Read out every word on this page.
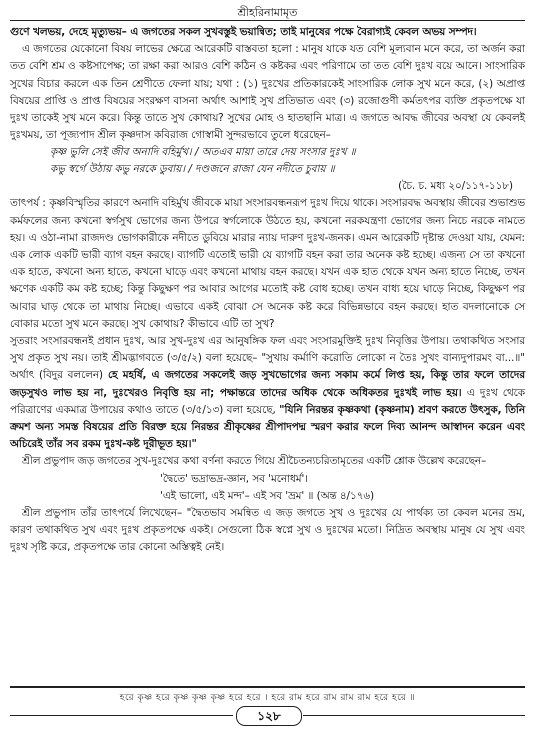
শ্রীহরিনামামৃত

গুণে খলভয়, দেহে মৃত্যুভয়– এ জগতের সকল সুখবস্তুই ভয়ান্বিত; তাই মানুষের পক্ষে বৈরাগ্যই কেবল অভয় সম্পদ।

এ জগতের যেকোনো বিষয় লাভের ক্ষেত্রে আরেকটি বাস্তবতা হলো : মানুষ যাকে যত বেশি মূল্যবান মনে করে, তা অর্জন করা তত বেশি শ্রম ও কষ্টসাপেক্ষ; তা রক্ষা করা আরও বেশি কঠিন ও কষ্টকর এবং পরিণামে তা তত বেশি দুঃখ বয়ে আনে। সাংসারিক সুখের বিচার করলে এক তিন শ্রেণীতে ফেলা যায়; যথা : (১) দুঃখের প্রতিকারকেই সাংসারিক লোক সুখ মনে করে, (২) অপ্রাপ্ত বিষয়ের প্রাপ্তি ও প্রাপ্ত বিষয়ের সংরক্ষণ বাসনা অর্থাৎ আশাই সুখ প্রতিভাত এবং (৩) রজোগুণী কর্মতৎপর ব্যক্তি প্রকৃতপক্ষে যা দুঃখ তাকেই সুখ মনে করে। কিন্তু তাতে সুখ কোথায়? সুখের মোহ ও হাতছানি মাত্র। এ জগতে আবদ্ধ জীবের অবস্থা যে কেবলই দুঃখময়, তা পূজ্যপাদ শ্রীল কৃষ্ণদাস কবিরাজ গোস্বামী সুন্দরভাবে তুলে ধরেছেন–

কৃষ্ণ ভুলি সেই জীব অনাদি বহির্মুখ। / অতএব মায়া তারে দেয় সংসার দুঃখ ॥
কভু স্বর্গে উঠায় কভু নরকে ডুবায়। / দণ্ডজনে রাজা যেন নদীতে চুবায় ॥
(চৈ. চ. মধ্য ২০/১১৭-১১৮)

তাৎপর্য : কৃষ্ণবিস্মৃতির কারণে অনাদি বহির্মুখ জীবকে মায়া সংসারবন্ধনরূপ দুঃখ দিয়ে থাকে। সংসারবদ্ধ অবস্থায় জীবের শুভাশুভ কর্মফলের জন্য কখনো স্বর্গসুখ ভোগের জন্য উপরে স্বর্গলোকে উঠতে হয়, কখনো নরকযন্ত্রণা ভোগের জন্য নিচে নরকে নামতে হয়। এ ওঠা-নামা রাজদণ্ড ভোগকারীকে নদীতে ডুবিয়ে মারার ন্যায় দারুণ দুঃখ-জনক। এমন আরেকটি দৃষ্টান্ত দেওয়া যায়, যেমন: এক লোক একটি ভারী ব্যাগ বহন করছে। ব্যাগটি এতোই ভারী যে ব্যাগটি বহন করা তার অনেক কষ্ট হচ্ছে। এজন্য সে তা কখনো এক হাতে, কখনো অন্য হাতে, কখনো ঘাড়ে এবং কখনো মাথায় বহন করছে। যখন এক হাত থেকে যখন অন্য হাতে নিচ্ছে, তখন ক্ষণেক একটি কম কষ্ট হচ্ছে; কিন্তু কিছুক্ষণ পর আবার আগের মতোই কষ্ট বোধ হচ্ছে। তখন বাধ্য হয়ে ঘাড়ে নিচ্ছে, কিছুক্ষণ পর আবার ঘাড় থেকে তা মাথায় নিচ্ছে। এভাবে একই বোঝা সে অনেক কষ্ট করে বিভিন্নভাবে বহন করছে। হাত বদলানোকে সে বোকার মতো সুখ মনে করছে। সুখ কোথায়? কীভাবে এটি তা সুখ?

সুতরাং সংসারবন্ধনই প্রধান দুঃখ, আর সুখ-দুঃখ এর আনুষঙ্গিক ফল এবং সংসারমুক্তিই দুঃখ নিবৃত্তির উপায়। তথাকথিত সংসার সুখ প্রকৃত সুখ নয়। তাই শ্রীমদ্ভাগবতে (৩/৫/২) বলা হয়েছে– "সুখায় কর্মাণি করোতি লোকো ন তৈঃ সুখং বান্যদুপারমং বা...॥" অর্থাৎ (বিদুর বললেন) হে মহর্ষি, এ জগতের সকলেই জড় সুখভোগের জন্য সকাম কর্মে লিপ্ত হয়, কিন্তু তার ফলে তাদের জড়সুখও লাভ হয় না, দুঃখেরও নিবৃত্তি হয় না; পক্ষান্তরে তাদের অধিক থেকে অধিকতর দুঃখই লাভ হয়। এ দুঃখ থেকে পরিত্রাণের একমাত্র উপায়ের কথাও তাতে (৩/৫/১৩) বলা হয়েছে, "যিনি নিরন্তর কৃষ্ণকথা (কৃষ্ণনাম) শ্রবণ করতে উৎসুক, তিনি ক্রমশ অন্য সমস্ত বিষয়ের প্রতি বিরক্ত হয়ে নিরন্তর শ্রীকৃষ্ণের শ্রীপাদপদ্ম স্মরণ করার ফলে দিব্য আনন্দ আস্বাদন করেন এবং অচিরেই তাঁর সব রকম দুঃখ-কষ্ট দূরীভূত হয়।"

শ্রীল প্রভুপাদ জড় জগতের সুখ-দুঃখের কথা বর্ণনা করতে গিয়ে শ্রীচৈতন্যচরিতামৃতের একটি শ্লোক উল্লেখ করেছেন–

'দ্বৈতে' ভদ্রাভদ্র-জ্ঞান, সব 'মনোধর্ম'।
'এই ভালো, এই মন্দ'– এই সব 'ভ্রম' ॥ (অন্ত ৪/১৭৬)

শ্রীল প্রভুপাদ তাঁর তাৎপর্যে লিখেছেন– "দ্বৈতভাব সমন্বিত এ জড় জগতে সুখ ও দুঃখের যে পার্থক্য তা কেবল মনের ভ্রম, কারণ তথাকথিত সুখ এবং দুঃখ প্রকৃতপক্ষে একই। সেগুলো ঠিক স্বপ্নে সুখ ও দুঃখের মতো। নিদ্রিত অবস্থায় মানুষ যে সুখ এবং দুঃখ সৃষ্টি করে, প্রকৃতপক্ষে তার কোনো অস্তিত্বই নেই।

হরে কৃষ্ণ হরে কৃষ্ণ কৃষ্ণ কৃষ্ণ হরে হরে । হরে রাম হরে রাম রাম রাম হরে হরে ॥
১২৮
